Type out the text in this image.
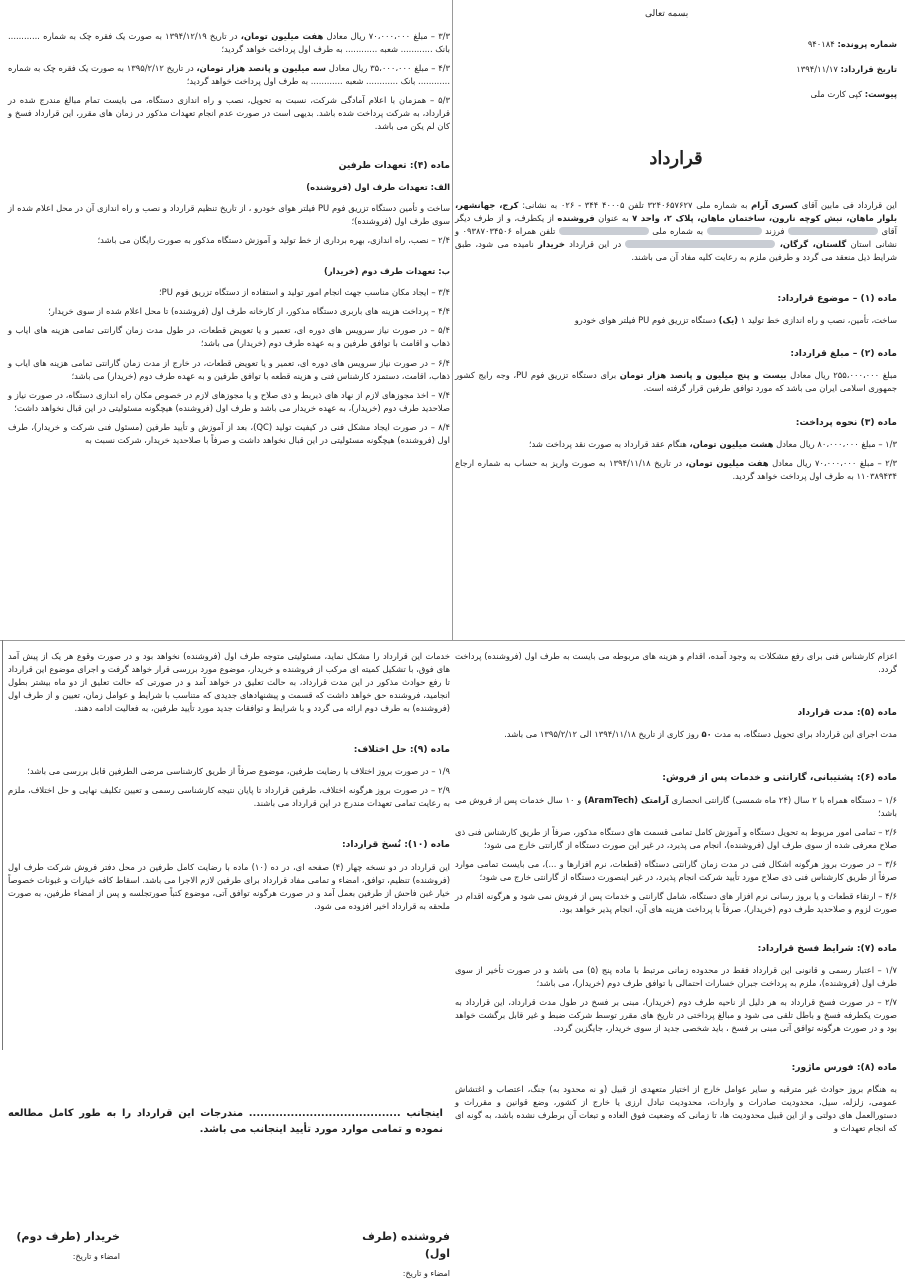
بسمه تعالی
شماره پرونده: ۹۴۰۱۸۴
تاریخ قرارداد: ۱۳۹۴/۱۱/۱۷
پیوست: کپی کارت ملی
قرارداد

این قرارداد فی مابین آقای کسری آرام به شماره ملی ۳۲۴۰۶۵۷۶۲۷ تلفن ۴۰۰۰۵ ۳۴۴ - ۰۲۶ به نشانی: کرج، جهانشهر، بلوار ماهان، نبش کوچه نارون، ساختمان ماهان، پلاک ۲، واحد ۷ به عنوان فروشنده از یکطرف، و از طرف دیگر آقای  فرزند  به شماره ملی  تلفن همراه ۰۹۳۸۷۰۳۴۵۰۶ و نشانی استان گلستان، گرگان،  در این قرارداد خریدار نامیده می شود، طبق شرایط ذیل منعقد می گردد و طرفین ملزم به رعایت کلیه مفاد آن می باشند.

ماده (۱) – موضوع قرارداد:

ساخت، تأمین، نصب و راه اندازی خط تولید ۱ (یک) دستگاه تزریق فوم PU فیلتر هوای خودرو

ماده (۲) – مبلغ قرارداد:

مبلغ ۲۵۵،۰۰۰،۰۰۰ ریال معادل بیست و پنج میلیون و پانصد هزار تومان برای دستگاه تزریق فوم PU، وجه رایج کشور جمهوری اسلامی ایران می باشد که مورد توافق طرفین قرار گرفته است.

ماده (۳) نحوه پرداخت:

۱/۳ – مبلغ ۸۰،۰۰۰،۰۰۰ ریال معادل هشت میلیون تومان، هنگام عقد قرارداد به صورت نقد پرداخت شد؛

۲/۳ – مبلغ ۷۰،۰۰۰،۰۰۰ ریال معادل هفت میلیون تومان، در تاریخ ۱۳۹۴/۱۱/۱۸ به صورت واریز به حساب به شماره ارجاع ۱۱۰۳۸۹۴۳۴ به طرف اول پرداخت خواهد گردید.

۳/۳ – مبلغ ۷۰،۰۰۰،۰۰۰ ریال معادل هفت میلیون تومان، در تاریخ ۱۳۹۴/۱۲/۱۹ به صورت یک فقره چک به شماره ............ بانک ............ شعبه ............ به طرف اول پرداخت خواهد گردید؛

۴/۳ – مبلغ ۳۵،۰۰۰،۰۰۰ ریال معادل سه میلیون و پانصد هزار تومان، در تاریخ ۱۳۹۵/۲/۱۲ به صورت یک فقره چک به شماره ............ بانک ............ شعبه ............ به طرف اول پرداخت خواهد گردید؛

۵/۳ – همزمان با اعلام آمادگی شرکت، نسبت به تحویل، نصب و راه اندازی دستگاه، می بایست تمام مبالغ مندرج شده در قرارداد، به شرکت پرداخت شده باشد. بدیهی است در صورت عدم انجام تعهدات مذکور در زمان های مقرر، این قرارداد فسخ و کان لم یکن می باشد.

ماده (۴): تعهدات طرفین
الف: تعهدات طرف اول (فروشنده)

ساخت و تأمین دستگاه تزریق فوم PU فیلتر هوای خودرو ، از تاریخ تنظیم قرارداد و نصب و راه اندازی آن در محل اعلام شده از سوی طرف اول (فروشنده)؛

۲/۴ – نصب، راه اندازی، بهره برداری از خط تولید و آموزش دستگاه مذکور به صورت رایگان می باشد؛

ب: تعهدات طرف دوم (خریدار)

۳/۴ – ایجاد مکان مناسب جهت انجام امور تولید و استفاده از دستگاه تزریق فوم PU؛

۴/۴ – پرداخت هزینه های باربری دستگاه مذکور، از کارخانه طرف اول (فروشنده) تا محل اعلام شده از سوی خریدار؛

۵/۴ – در صورت نیاز سرویس های دوره ای، تعمیر و یا تعویض قطعات، در طول مدت زمان گارانتی تمامی هزینه های ایاب و ذهاب و اقامت با توافق طرفین و به عهده طرف دوم (خریدار) می باشد؛

۶/۴ – در صورت نیاز سرویس های دوره ای، تعمیر و یا تعویض قطعات، در خارج از مدت زمان گارانتی تمامی هزینه های ایاب و ذهاب، اقامت، دستمزد کارشناس فنی و هزینه قطعه با توافق طرفین و به عهده طرف دوم (خریدار) می باشد؛

۷/۴ – اخذ مجوزهای لازم از نهاد های ذیربط و ذی صلاح و یا مجوزهای لازم در خصوص مکان راه اندازی دستگاه، در صورت نیاز و صلاحدید طرف دوم (خریدار)، به عهده خریدار می باشد و طرف اول (فروشنده) هیچگونه مسئولیتی در این قبال نخواهد داشت؛

۸/۴ – در صورت ایجاد مشکل فنی در کیفیت تولید (QC)، بعد از آموزش و تأیید طرفین (مسئول فنی شرکت و خریدار)، طرف اول (فروشنده) هیچگونه مسئولیتی در این قبال نخواهد داشت و صرفاً با صلاحدید خریدار، شرکت نسبت به

اعزام کارشناس فنی برای رفع مشکلات به وجود آمده، اقدام و هزینه های مربوطه می بایست به طرف اول (فروشنده) پرداخت گردد.

ماده (۵): مدت قرارداد

مدت اجرای این قرارداد برای تحویل دستگاه، به مدت ۵۰ روز کاری از تاریخ ۱۳۹۴/۱۱/۱۸ الی ۱۳۹۵/۲/۱۲ می باشد.

ماده (۶): پشتیبانی، گارانتی و خدمات پس از فروش:

۱/۶ – دستگاه همراه با ۲ سال (۲۴ ماه شمسی) گارانتی انحصاری آرامتک (AramTech) و ۱۰ سال خدمات پس از فروش می باشد؛

۲/۶ – تمامی امور مربوط به تحویل دستگاه و آموزش کامل تمامی قسمت های دستگاه مذکور، صرفاً از طریق کارشناس فنی ذی صلاح معرفی شده از سوی طرف اول (فروشنده)، انجام می پذیرد، در غیر این صورت دستگاه از گارانتی خارج می شود؛

۳/۶ – در صورت بروز هرگونه اشکال فنی در مدت زمان گارانتی دستگاه (قطعات، نرم افزارها و ...)، می بایست تمامی موارد صرفاً از طریق کارشناس فنی ذی صلاح مورد تأیید شرکت انجام پذیرد، در غیر اینصورت دستگاه از گارانتی خارج می شود؛

۴/۶ – ارتقاء قطعات و یا بروز رسانی نرم افزار های دستگاه، شامل گارانتی و خدمات پس از فروش نمی شود و هرگونه اقدام در صورت لزوم و صلاحدید طرف دوم (خریدار)، صرفاً با پرداخت هزینه های آن، انجام پذیر خواهد بود.

ماده (۷): شرایط فسخ قرارداد:

۱/۷ – اعتبار رسمی و قانونی این قرارداد فقط در محدوده زمانی مرتبط با ماده پنج (۵) می باشد و در صورت تأخیر از سوی طرف اول (فروشنده)، ملزم به پرداخت جبران خسارات احتمالی با توافق طرف دوم (خریدار)، می باشد؛

۲/۷ – در صورت فسخ قرارداد به هر دلیل از ناحیه طرف دوم (خریدار)، مبنی بر فسخ در طول مدت قرارداد، این قرارداد به صورت یکطرفه فسخ و باطل تلقی می شود و مبالغ پرداختی در تاریخ های مقرر توسط شرکت ضبط و غیر قابل برگشت خواهد بود و در صورت هرگونه توافق آتی مبنی بر فسخ ، باید شخصی جدید از سوی خریدار، جایگزین گردد.

ماده (۸): فورس ماژور:

به هنگام بروز حوادث غیر مترقبه و سایر عوامل خارج از اختیار متعهدی از قبیل (و نه محدود به) جنگ، اعتصاب و اغتشاش عمومی، زلزله، سیل، محدودیت صادرات و واردات، محدودیت تبادل ارزی یا خارج از کشور، وضع قوانین و مقررات و دستورالعمل های دولتی و از این قبیل محدودیت ها، تا زمانی که وضعیت فوق العاده و تبعات آن برطرف نشده باشد، به گونه ای که انجام تعهدات و

خدمات این قرارداد را مشکل نماید، مسئولیتی متوجه طرف اول (فروشنده) نخواهد بود و در صورت وقوع هر یک از پیش آمد های فوق، با تشکیل کمیته ای مرکب از فروشنده و خریدار، موضوع مورد بررسی قرار خواهد گرفت و اجرای موضوع این قرارداد تا رفع حوادث مذکور در این مدت قرارداد، به حالت تعلیق در خواهد آمد و در صورتی که حالت تعلیق از دو ماه بیشتر بطول انجامید، فروشنده حق خواهد داشت که قسمت و پیشنهادهای جدیدی که متناسب با شرایط و عوامل زمان، تعیین و از طرف اول (فروشنده) به طرف دوم ارائه می گردد و با شرایط و توافقات جدید مورد تأیید طرفین، به فعالیت ادامه دهند.

ماده (۹): حل اختلاف:

۱/۹ – در صورت بروز اختلاف با رضایت طرفین، موضوع صرفاً از طریق کارشناسی مرضی الطرفین قابل بررسی می باشد؛

۲/۹ – در صورت بروز هرگونه اختلاف، طرفین قرارداد تا پایان نتیجه کارشناسی رسمی و تعیین تکلیف نهایی و حل اختلاف، ملزم به رعایت تمامی تعهدات مندرج در این قرارداد می باشند.

ماده (۱۰): نُسخ قرارداد:

این قرارداد در دو نسخه چهار (۴) صفحه ای، در ده (۱۰) ماده با رضایت کامل طرفین در محل دفتر فروش شرکت طرف اول (فروشنده) تنظیم، توافق، امضاء و تمامی مفاد قرارداد برای طرفین لازم الاجرا می باشد. اسقاط کافه خیارات و غبونات خصوصاً خیار غبن فاحش از طرفین بعمل آمد و در صورت هرگونه توافق آتی، موضوع کتباً صورتجلسه و پس از امضاء طرفین، به صورت ملحقه به قرارداد اخیر افزوده می شود.

اینجانب ........................................ مندرجات این قرارداد را به طور کامل مطالعه نموده و تمامی موارد مورد تأیید اینجانب می باشد.
فروشنده (طرف اول)
امضاء و تاریخ:
خریدار (طرف دوم)
امضاء و تاریخ:
